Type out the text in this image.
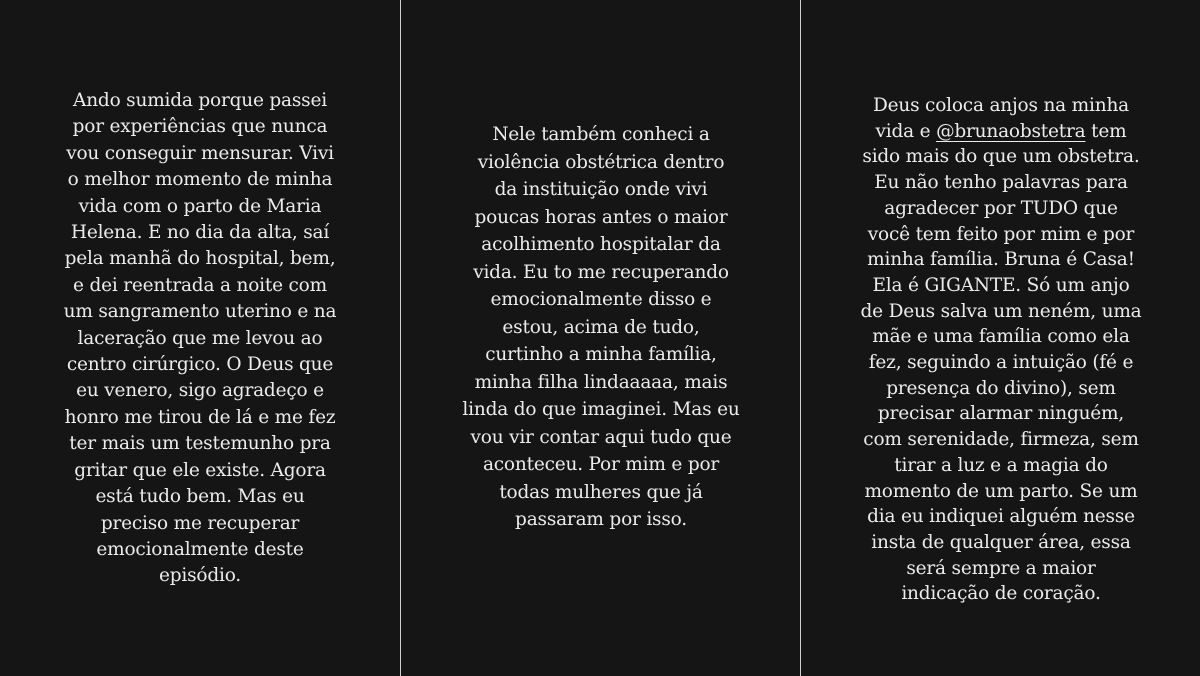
Ando sumida porque passei
por experiências que nunca
vou conseguir mensurar. Vivi
o melhor momento de minha
vida com o parto de Maria
Helena. E no dia da alta, saí
pela manhã do hospital, bem,
e dei reentrada a noite com
um sangramento uterino e na
laceração que me levou ao
centro cirúrgico. O Deus que
eu venero, sigo agradeço e
honro me tirou de lá e me fez
ter mais um testemunho pra
gritar que ele existe. Agora
está tudo bem. Mas eu
preciso me recuperar
emocionalmente deste
episódio.
Nele também conheci a
violência obstétrica dentro
da instituição onde vivi
poucas horas antes o maior
acolhimento hospitalar da
vida. Eu to me recuperando
emocionalmente disso e
estou, acima de tudo,
curtinho a minha família,
minha filha lindaaaaa, mais
linda do que imaginei. Mas eu
vou vir contar aqui tudo que
aconteceu. Por mim e por
todas mulheres que já
passaram por isso.
Deus coloca anjos na minha
vida e @brunaobstetra tem
sido mais do que um obstetra.
Eu não tenho palavras para
agradecer por TUDO que
você tem feito por mim e por
minha família. Bruna é Casa!
Ela é GIGANTE. Só um anjo
de Deus salva um neném, uma
mãe e uma família como ela
fez, seguindo a intuição (fé e
presença do divino), sem
precisar alarmar ninguém,
com serenidade, firmeza, sem
tirar a luz e a magia do
momento de um parto. Se um
dia eu indiquei alguém nesse
insta de qualquer área, essa
será sempre a maior
indicação de coração.
